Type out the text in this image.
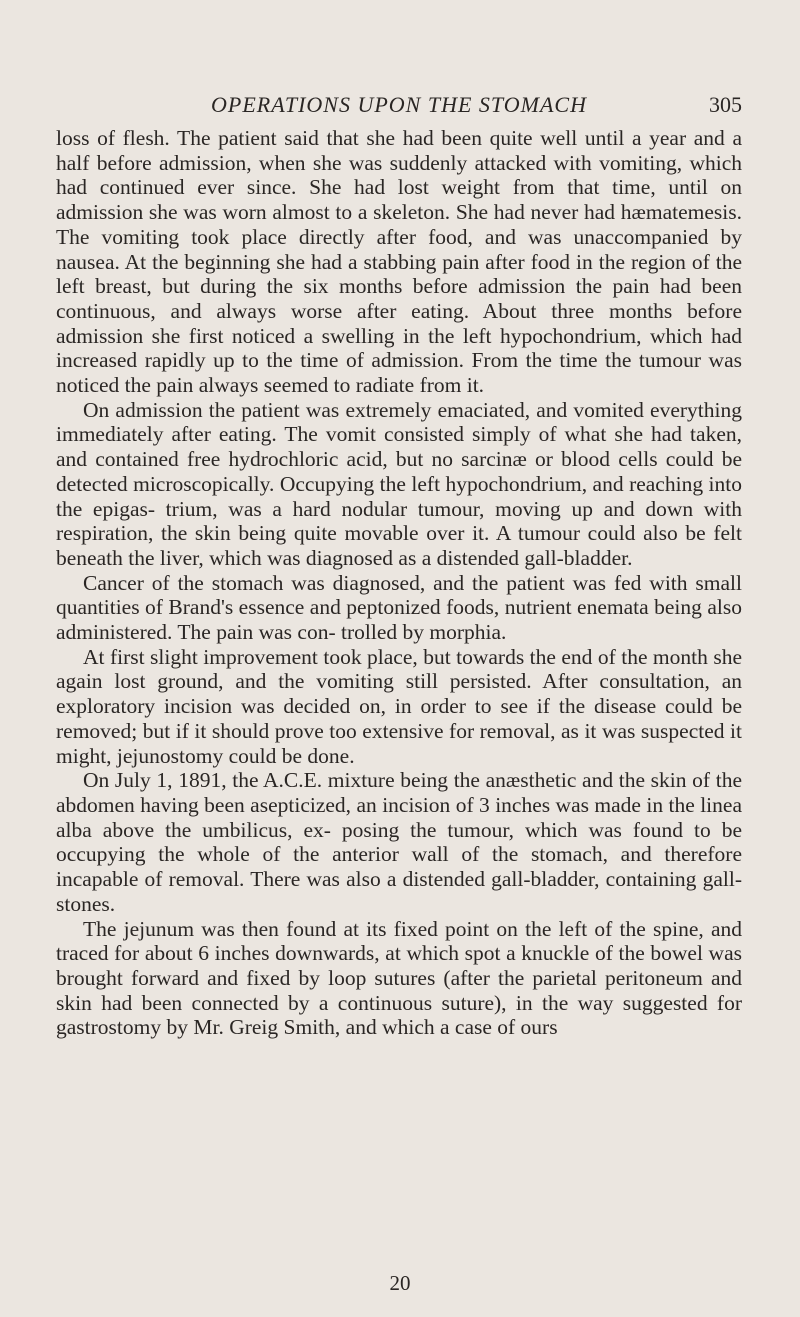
OPERATIONS UPON THE STOMACH	305

loss of flesh. The patient said that she had been quite well until a year and a half before admission, when she was suddenly attacked with vomiting, which had continued ever since. She had lost weight from that time, until on admission she was worn almost to a skeleton. She had never had hæmatemesis. The vomiting took place directly after food, and was unaccompanied by nausea. At the beginning she had a stabbing pain after food in the region of the left breast, but during the six months before admission the pain had been continuous, and always worse after eating. About three months before admission she first noticed a swelling in the left hypochondrium, which had increased rapidly up to the time of admission. From the time the tumour was noticed the pain always seemed to radiate from it.

On admission the patient was extremely emaciated, and vomited everything immediately after eating. The vomit consisted simply of what she had taken, and contained free hydrochloric acid, but no sarcinæ or blood cells could be detected microscopically. Occupying the left hypochondrium, and reaching into the epigas- trium, was a hard nodular tumour, moving up and down with respiration, the skin being quite movable over it. A tumour could also be felt beneath the liver, which was diagnosed as a distended gall-bladder.

Cancer of the stomach was diagnosed, and the patient was fed with small quantities of Brand's essence and peptonized foods, nutrient enemata being also administered. The pain was con- trolled by morphia.

At first slight improvement took place, but towards the end of the month she again lost ground, and the vomiting still persisted. After consultation, an exploratory incision was decided on, in order to see if the disease could be removed; but if it should prove too extensive for removal, as it was suspected it might, jejunostomy could be done.

On July 1, 1891, the A.C.E. mixture being the anæsthetic and the skin of the abdomen having been asepticized, an incision of 3 inches was made in the linea alba above the umbilicus, ex- posing the tumour, which was found to be occupying the whole of the anterior wall of the stomach, and therefore incapable of removal. There was also a distended gall-bladder, containing gall-stones.

The jejunum was then found at its fixed point on the left of the spine, and traced for about 6 inches downwards, at which spot a knuckle of the bowel was brought forward and fixed by loop sutures (after the parietal peritoneum and skin had been connected by a continuous suture), in the way suggested for gastrostomy by Mr. Greig Smith, and which a case of ours

20
